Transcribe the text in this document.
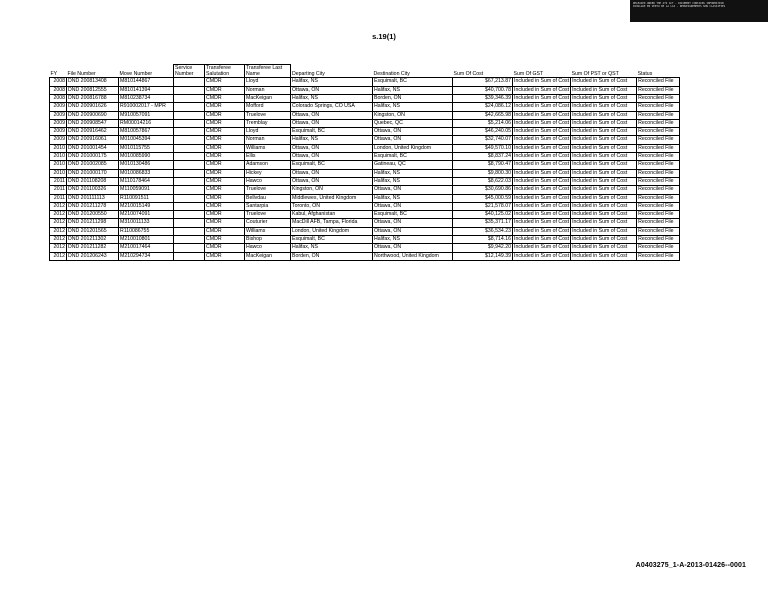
RELEASED UNDER THE ATI ACT - DOCUMENT CONTAINS INFORMATION
DIVULGUÉ EN VERTU DE LA LAI - RENSEIGNEMENTS NON CLASSIFIÉS
s.19(1)
FY	File Number	Move Number	Service Number	Transferee Salutation	Transferee Last Name	Departing City	Destination City	Sum Of Cost	Sum Of GST	Sum Of PST or QST	Status
2008	DND 200813408	M810144867		CMDR	Lloyd	Halifax, NS	Esquimalt, BC	$67,213.87	Included in Sum of Cost	Included in Sum of Cost	Reconciled File
2008	DND 200812555	M810141394		CMDR	Norman	Ottawa, ON	Halifax, NS	$40,700.78	Included in Sum of Cost	Included in Sum of Cost	Reconciled File
2008	DND 200816788	M810238734		CMDR	MacKeigan	Halifax, NS	Borden, ON	$39,346.39	Included in Sum of Cost	Included in Sum of Cost	Reconciled File
2009	DND 200901626	R910002017 - MPR		CMDR	Mofford	Colorado Springs, CO USA	Halifax, NS	$24,086.12	Included in Sum of Cost	Included in Sum of Cost	Reconciled File
2009	DND 200900690	M910057091		CMDR	Truelove	Ottawa, ON	Kingston, ON	$42,665.98	Included in Sum of Cost	Included in Sum of Cost	Reconciled File
2009	DND 200908547	RM00014216		CMDR	Tremblay	Ottawa, ON	Quebec, QC	$5,214.06	Included in Sum of Cost	Included in Sum of Cost	Reconciled File
2009	DND 200916462	M810057867		CMDR	Lloyd	Esquimalt, BC	Ottawa, ON	$46,240.05	Included in Sum of Cost	Included in Sum of Cost	Reconciled File
2009	DND 200916061	M010045394		CMDR	Norman	Halifax, NS	Ottawa, ON	$32,740.07	Included in Sum of Cost	Included in Sum of Cost	Reconciled File
2010	DND 201001454	M010115755		CMDR	Williams	Ottawa, ON	London, United Kingdom	$49,570.10	Included in Sum of Cost	Included in Sum of Cost	Reconciled File
2010	DND 201000175	M010085990		CMDR	Ellis	Ottawa, ON	Esquimalt, BC	$8,837.24	Included in Sum of Cost	Included in Sum of Cost	Reconciled File
2010	DND 201002085	M010130486		CMDR	Adamson	Esquimalt, BC	Gatineau, QC	$8,790.47	Included in Sum of Cost	Included in Sum of Cost	Reconciled File
2010	DND 201000170	M010086833		CMDR	Hickey	Ottawa, ON	Halifax, NS	$9,800.30	Included in Sum of Cost	Included in Sum of Cost	Reconciled File
2011	DND 201108208	M110178464		CMDR	Hawco	Ottawa, ON	Halifax, NS	$8,622.03	Included in Sum of Cost	Included in Sum of Cost	Reconciled File
2011	DND 201100326	M110059091		CMDR	Truelove	Kingston, ON	Ottawa, ON	$30,690.86	Included in Sum of Cost	Included in Sum of Cost	Reconciled File
2011	DND 201111113	R110091511		CMDR	Bellvdau	Middlewes, United Kingdom	Halifax, NS	$45,000.59	Included in Sum of Cost	Included in Sum of Cost	Reconciled File
2012	DND 201211278	M210015149		CMDR	Santarpia	Toronto, ON	Ottawa, ON	$21,578.07	Included in Sum of Cost	Included in Sum of Cost	Reconciled File
2012	DND 201200550	M210074091		CMDR	Truelove	Kabul, Afghanistan	Esquimalt, BC	$40,125.02	Included in Sum of Cost	Included in Sum of Cost	Reconciled File
2012	DND 201211298	M310011133		CMDR	Couturier	MacDill AFB, Tampa, Florida	Ottawa, ON	$35,371.17	Included in Sum of Cost	Included in Sum of Cost	Reconciled File
2012	DND 201201565	R110086755		CMDR	Williams	London, United Kingdom	Ottawa, ON	$36,534.23	Included in Sum of Cost	Included in Sum of Cost	Reconciled File
2012	DND 201211302	M210010801		CMDR	Bishop	Esquimalt, BC	Halifax, NS	$8,714.16	Included in Sum of Cost	Included in Sum of Cost	Reconciled File
2012	DND 201211282	M210017464		CMDR	Hawco	Halifax, NS	Ottawa, ON	$9,942.20	Included in Sum of Cost	Included in Sum of Cost	Reconciled File
2012	DND 201206243	M210294734		CMDR	MacKeigan	Borden, ON	Northwood, United Kingdom	$12,149.39	Included in Sum of Cost	Included in Sum of Cost	Reconciled File
A0403275_1-A-2013-01426--0001
